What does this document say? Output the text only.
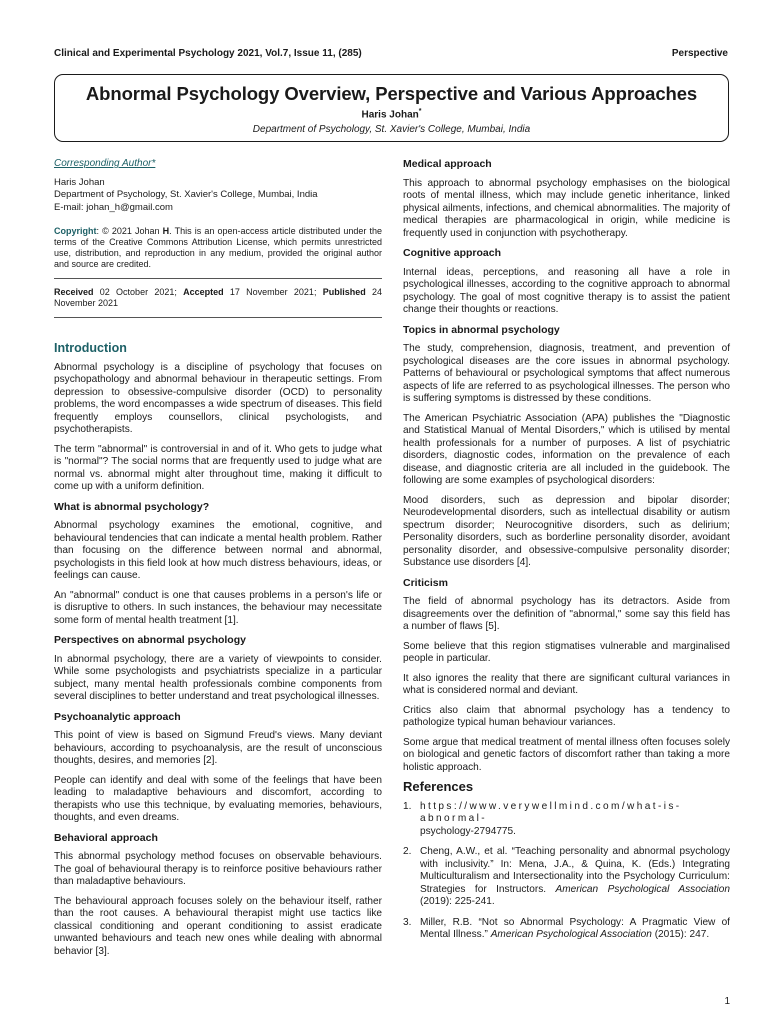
Clinical and Experimental Psychology 2021, Vol.7, Issue 11, (285)	Perspective
Abnormal Psychology Overview, Perspective and Various Approaches
Haris Johan*
Department of Psychology, St. Xavier's College, Mumbai, India
Corresponding Author*
Haris Johan
Department of Psychology, St. Xavier's College, Mumbai, India
E-mail: johan_h@gmail.com

Copyright: © 2021 Johan H. This is an open-access article distributed under the terms of the Creative Commons Attribution License, which permits unrestricted use, distribution, and reproduction in any medium, provided the original author and source are credited.

Received 02 October 2021; Accepted 17 November 2021; Published 24 November 2021

Introduction

Abnormal psychology is a discipline of psychology that focuses on psychopathology and abnormal behaviour in therapeutic settings. From depression to obsessive-compulsive disorder (OCD) to personality problems, the word encompasses a wide spectrum of diseases. This field frequently employs counsellors, clinical psychologists, and psychotherapists.

The term "abnormal" is controversial in and of it. Who gets to judge what is "normal"? The social norms that are frequently used to judge what are normal vs. abnormal might alter throughout time, making it difficult to come up with a uniform definition.

What is abnormal psychology?

Abnormal psychology examines the emotional, cognitive, and behavioural tendencies that can indicate a mental health problem. Rather than focusing on the difference between normal and abnormal, psychologists in this field look at how much distress behaviours, ideas, or feelings can cause.

An "abnormal" conduct is one that causes problems in a person's life or is disruptive to others. In such instances, the behaviour may necessitate some form of mental health treatment [1].

Perspectives on abnormal psychology

In abnormal psychology, there are a variety of viewpoints to consider. While some psychologists and psychiatrists specialize in a particular subject, many mental health professionals combine components from several disciplines to better understand and treat psychological illnesses.

Psychoanalytic approach

This point of view is based on Sigmund Freud's views. Many deviant behaviours, according to psychoanalysis, are the result of unconscious thoughts, desires, and memories [2].

People can identify and deal with some of the feelings that have been leading to maladaptive behaviours and discomfort, according to therapists who use this technique, by evaluating memories, behaviours, thoughts, and even dreams.

Behavioral approach

This abnormal psychology method focuses on observable behaviours. The goal of behavioural therapy is to reinforce positive behaviours rather than maladaptive behaviours.

The behavioural approach focuses solely on the behaviour itself, rather than the root causes. A behavioural therapist might use tactics like classical conditioning and operant conditioning to assist eradicate unwanted behaviours and teach new ones while dealing with abnormal behavior [3].

Medical approach

This approach to abnormal psychology emphasises on the biological roots of mental illness, which may include genetic inheritance, linked physical ailments, infections, and chemical abnormalities. The majority of medical therapies are pharmacological in origin, while medicine is frequently used in conjunction with psychotherapy.

Cognitive approach

Internal ideas, perceptions, and reasoning all have a role in psychological illnesses, according to the cognitive approach to abnormal psychology. The goal of most cognitive therapy is to assist the patient change their thoughts or reactions.

Topics in abnormal psychology

The study, comprehension, diagnosis, treatment, and prevention of psychological diseases are the core issues in abnormal psychology. Patterns of behavioural or psychological symptoms that affect numerous aspects of life are referred to as psychological illnesses. The person who is suffering symptoms is distressed by these conditions.

The American Psychiatric Association (APA) publishes the "Diagnostic and Statistical Manual of Mental Disorders," which is utilised by mental health professionals for a number of purposes. A list of psychiatric disorders, diagnostic codes, information on the prevalence of each disease, and diagnostic criteria are all included in the guidebook. The following are some examples of psychological disorders:

Mood disorders, such as depression and bipolar disorder; Neurodevelopmental disorders, such as intellectual disability or autism spectrum disorder; Neurocognitive disorders, such as delirium; Personality disorders, such as borderline personality disorder, avoidant personality disorder, and obsessive-compulsive personality disorder; Substance use disorders [4].

Criticism

The field of abnormal psychology has its detractors. Aside from disagreements over the definition of "abnormal," some say this field has a number of flaws [5].

Some believe that this region stigmatises vulnerable and marginalised people in particular.

It also ignores the reality that there are significant cultural variances in what is considered normal and deviant.

Critics also claim that abnormal psychology has a tendency to pathologize typical human behaviour variances.

Some argue that medical treatment of mental illness often focuses solely on biological and genetic factors of discomfort rather than taking a more holistic approach.

References
1. https://www.verywellmind.com/what-is-abnormal-
psychology-2794775.
2. Cheng, A.W., et al. “Teaching personality and abnormal psychology with inclusivity.” In: Mena, J.A., & Quina, K. (Eds.) Integrating Multiculturalism and Intersectionality into the Psychology Curriculum: Strategies for Instructors. American Psychological Association (2019): 225-241.
3. Miller, R.B. “Not so Abnormal Psychology: A Pragmatic View of Mental Illness.” American Psychological Association (2015): 247.
1
